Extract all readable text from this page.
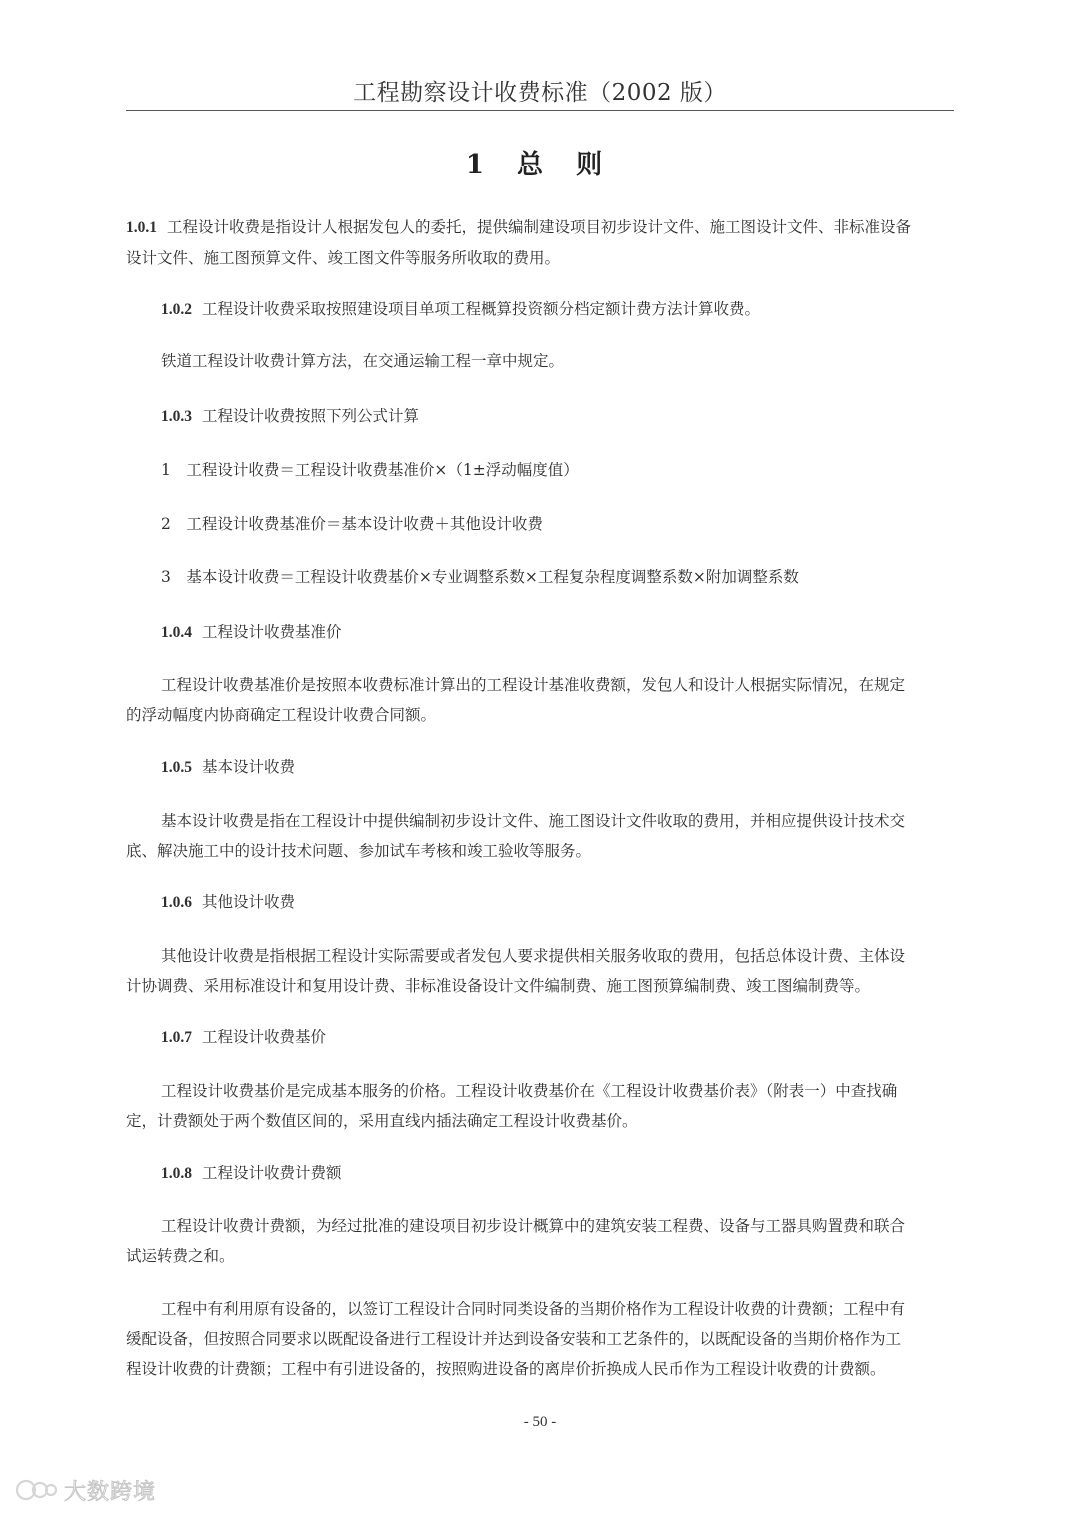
工程勘察设计收费标准（2002 版）
1 总 则
1.0.1 工程设计收费是指设计人根据发包人的委托，提供编制建设项目初步设计文件、施工图设计文件、非标准设备
设计文件、施工图预算文件、竣工图文件等服务所收取的费用。
1.0.2 工程设计收费采取按照建设项目单项工程概算投资额分档定额计费方法计算收费。
铁道工程设计收费计算方法，在交通运输工程一章中规定。
1.0.3 工程设计收费按照下列公式计算
1　工程设计收费＝工程设计收费基准价×（1±浮动幅度值）
2　工程设计收费基准价＝基本设计收费＋其他设计收费
3　基本设计收费＝工程设计收费基价×专业调整系数×工程复杂程度调整系数×附加调整系数
1.0.4 工程设计收费基准价
工程设计收费基准价是按照本收费标准计算出的工程设计基准收费额，发包人和设计人根据实际情况，在规定
的浮动幅度内协商确定工程设计收费合同额。
1.0.5 基本设计收费
基本设计收费是指在工程设计中提供编制初步设计文件、施工图设计文件收取的费用，并相应提供设计技术交
底、解决施工中的设计技术问题、参加试车考核和竣工验收等服务。
1.0.6 其他设计收费
其他设计收费是指根据工程设计实际需要或者发包人要求提供相关服务收取的费用，包括总体设计费、主体设
计协调费、采用标准设计和复用设计费、非标准设备设计文件编制费、施工图预算编制费、竣工图编制费等。
1.0.7 工程设计收费基价
工程设计收费基价是完成基本服务的价格。工程设计收费基价在《工程设计收费基价表》（附表一）中查找确
定，计费额处于两个数值区间的，采用直线内插法确定工程设计收费基价。
1.0.8 工程设计收费计费额
工程设计收费计费额，为经过批准的建设项目初步设计概算中的建筑安装工程费、设备与工器具购置费和联合
试运转费之和。
工程中有利用原有设备的，以签订工程设计合同时同类设备的当期价格作为工程设计收费的计费额；工程中有
缓配设备，但按照合同要求以既配设备进行工程设计并达到设备安装和工艺条件的，以既配设备的当期价格作为工
程设计收费的计费额；工程中有引进设备的，按照购进设备的离岸价折换成人民币作为工程设计收费的计费额。
- 50 -
大数跨境
